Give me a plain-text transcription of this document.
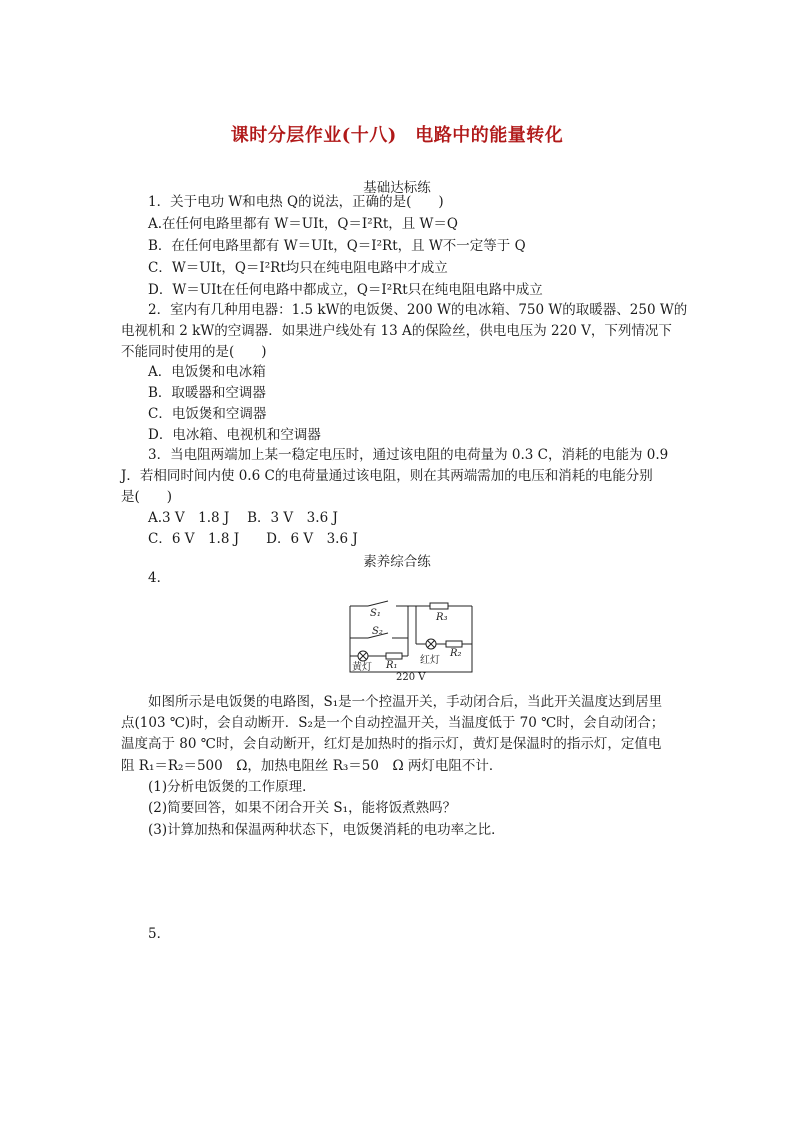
课时分层作业(十八)　电路中的能量转化
基础达标练
1．关于电功 W和电热 Q的说法，正确的是(　　)
A.在任何电路里都有 W＝UIt，Q＝I²Rt，且 W＝Q
B．在任何电路里都有 W＝UIt，Q＝I²Rt，且 W不一定等于 Q
C．W＝UIt，Q＝I²Rt均只在纯电阻电路中才成立
D．W＝UIt在任何电路中都成立，Q＝I²Rt只在纯电阻电路中成立
2．室内有几种用电器：1.5 kW的电饭煲、200 W的电冰箱、750 W的取暖器、250 W的
电视机和 2 kW的空调器．如果进户线处有 13 A的保险丝，供电电压为 220 V，下列情况下
不能同时使用的是(　　)
A．电饭煲和电冰箱
B．取暖器和空调器
C．电饭煲和空调器
D．电冰箱、电视机和空调器
3．当电阻两端加上某一稳定电压时，通过该电阻的电荷量为 0.3 C，消耗的电能为 0.9
J．若相同时间内使 0.6 C的电荷量通过该电阻，则在其两端需加的电压和消耗的电能分别
是(　　)
A.3 V　1.8 J　 B．3 V　3.6 J
C．6 V　1.8 J　　D．6 V　3.6 J
素养综合练
4．
S₁
S₂
R₃
R₁
R₂
黄灯
红灯
220 V
如图所示是电饭煲的电路图，S₁是一个控温开关，手动闭合后，当此开关温度达到居里
点(103 ℃)时，会自动断开．S₂是一个自动控温开关，当温度低于 70 ℃时，会自动闭合；
温度高于 80 ℃时，会自动断开，红灯是加热时的指示灯，黄灯是保温时的指示灯，定值电
阻 R₁＝R₂＝500　Ω，加热电阻丝 R₃＝50　Ω 两灯电阻不计．
(1)分析电饭煲的工作原理．
(2)简要回答，如果不闭合开关 S₁，能将饭煮熟吗？
(3)计算加热和保温两种状态下，电饭煲消耗的电功率之比．
5．
